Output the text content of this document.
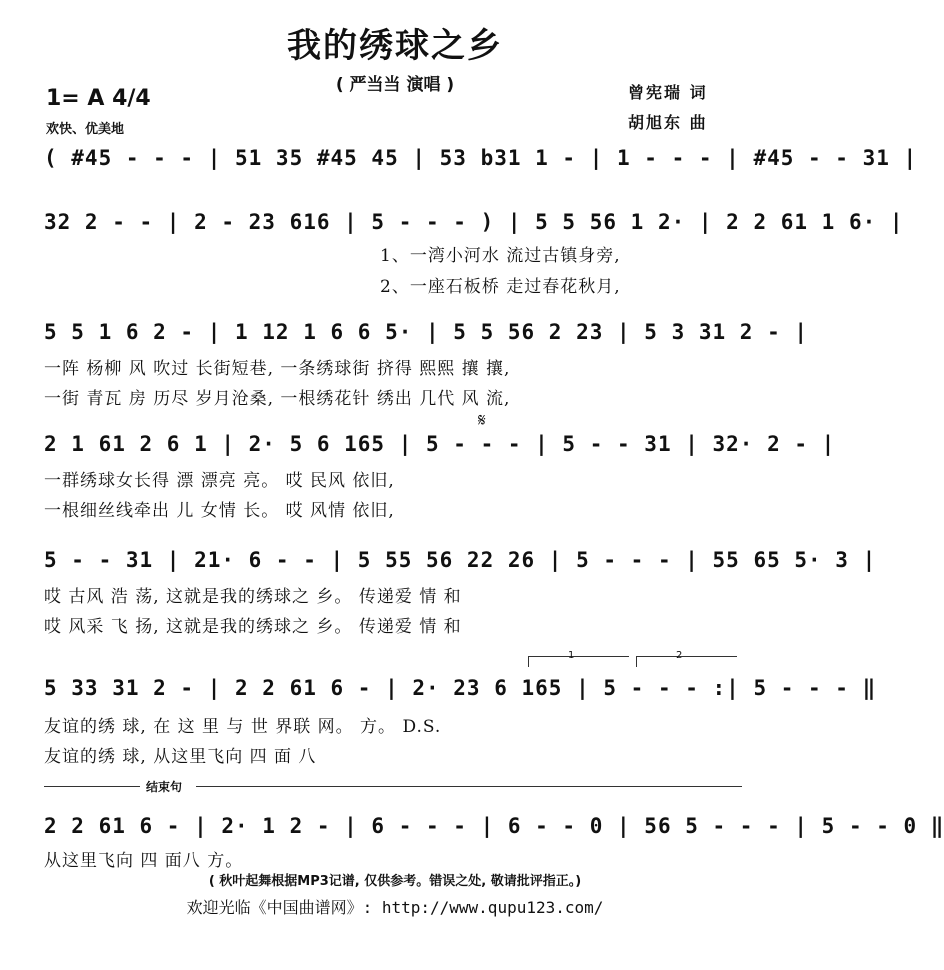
我的绣球之乡
( 严当当 演唱 )	曾宪瑞 词
胡旭东 曲
1= A 4/4
欢快、优美地
( #45 - - - | 51 35 #45 45 | 53 b31 1 - | 1 - - - | #45 - - 31 |
32 2 - - | 2 - 23 616 | 5 - - - ) | 5 5 56 1 2· | 2 2 61 1 6· |
1、一湾小河水 流过古镇身旁,
2、一座石板桥 走过春花秋月,
5 5 1 6 2 - | 1 12 1 6 6 5· | 5 5 56 2 23 | 5 3 31 2 - |
一阵 杨柳 风 吹过 长街短巷, 一条绣球街 挤得 熙熙 攘 攘,
一街 青瓦 房 历尽 岁月沧桑, 一根绣花针 绣出 几代 风 流,
𝄋
2 1 61 2 6 1 | 2· 5 6 165 | 5 - - - | 5 - - 31 | 32· 2 - |
一群绣球女长得 漂 漂亮 亮。 哎 民风 依旧,
一根细丝线牵出 儿 女情 长。 哎 风情 依旧,
5 - - 31 | 21· 6 - - | 5 55 56 22 26 | 5 - - - | 55 65 5· 3 |
哎 古风 浩 荡, 这就是我的绣球之 乡。 传递爱 情 和
哎 风采 飞 扬, 这就是我的绣球之 乡。 传递爱 情 和
1	2
5 33 31 2 - | 2 2 61 6 - | 2· 23 6 165 | 5 - - - :| 5 - - - ‖
友谊的绣 球, 在 这 里 与 世 界联 网。 方。 D.S.
友谊的绣 球, 从这里飞向 四 面 八
结束句
2 2 61 6 - | 2· 1 2 - | 6 - - - | 6 - - 0 | 56 5 - - - | 5 - - 0 ‖
从这里飞向 四 面八 方。
( 秋叶起舞根据MP3记谱, 仅供参考。错误之处, 敬请批评指正。)
欢迎光临《中国曲谱网》: http://www.qupu123.com/
